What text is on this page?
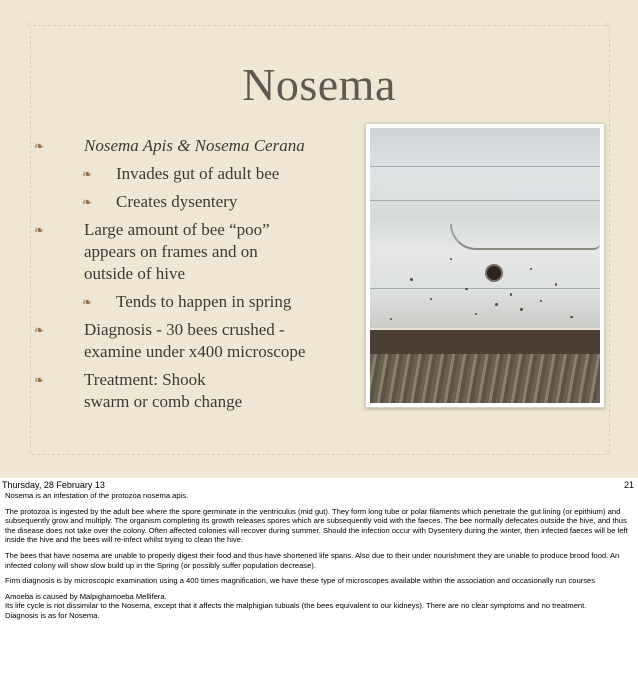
◦	◦
◦	◦
Nosema
❧ Nosema Apis & Nosema Cerana
❧ Invades gut of adult bee
❧ Creates dysentery
❧ Large amount of bee “poo” appears on frames and on outside of hive
❧ Tends to happen in spring
❧ Diagnosis - 30 bees crushed - examine under x400 microscope
❧ Treatment: Shook swarm or comb change
Thursday, 28 February 13	21

Nosema is an infestation of the protozoa nosema apis.

The protozoa is ingested by the adult bee where the spore germinate in the ventriculus (mid gut). They form long tube or polar filaments which penetrate the gut lining (or epithium) and subsequently grow and multiply. The organism completing its growth releases spores which are subsequently void with the faeces. The bee normally defecates outside the hive, and thus the disease does not take over the colony. Often affected colonies will recover during summer. Should the infection occur with Dysentery during the winter, then infected faeces will be left inside the hive and the bees will re-infect whilst trying to clean the hive.

The bees that have nosema are unable to properly digest their food and thus have shortened life spans. Also due to their under nourishment they are unable to produce brood food. An infected colony will show slow build up in the Spring (or possibly suffer population decrease).

Firm diagnosis is by microscopic examination using a 400 times magnification, we have these type of microscopes available within the association and occasionally run courses

Amoeba is caused by Malpighamoeba Mellifera.

Its life cycle is not dissimilar to the Nosema, except that it affects the malphigian tubuals (the bees equivalent to our kidneys). There are no clear symptoms and no treatment.

Diagnosis is as for Nosema.
